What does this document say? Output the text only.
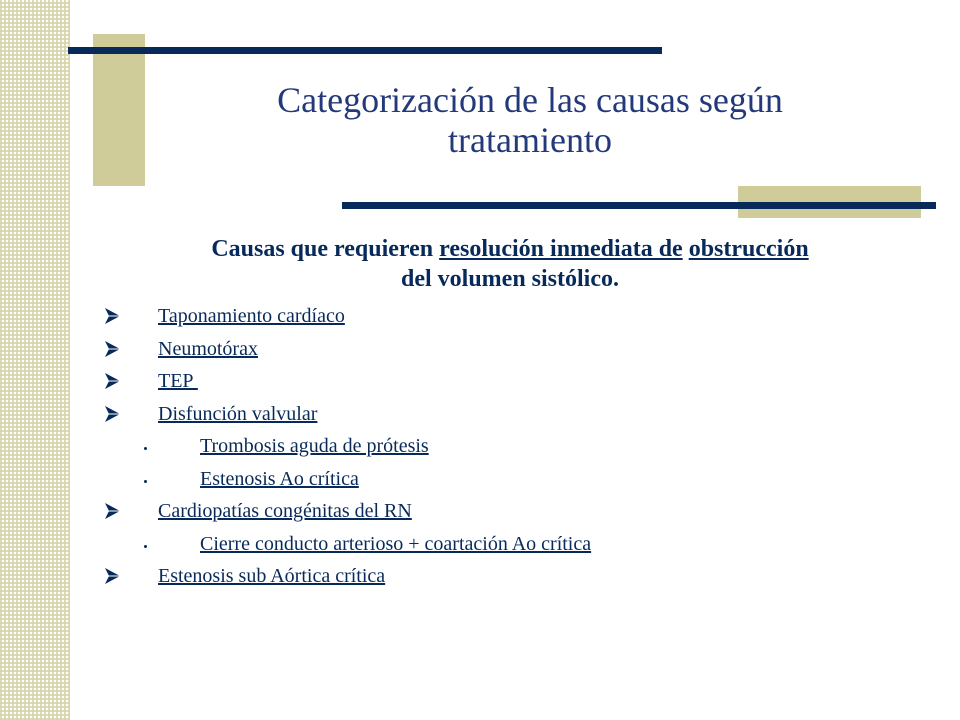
Categorización de las causas según
tratamiento
Causas que requieren resolución inmediata de obstrucción
del volumen sistólico.
Taponamiento cardíaco
Neumotórax
TEP
Disfunción valvular
Trombosis aguda de prótesis
Estenosis Ao crítica
Cardiopatías congénitas del RN
Cierre conducto arterioso + coartación Ao crítica
Estenosis sub Aórtica crítica
